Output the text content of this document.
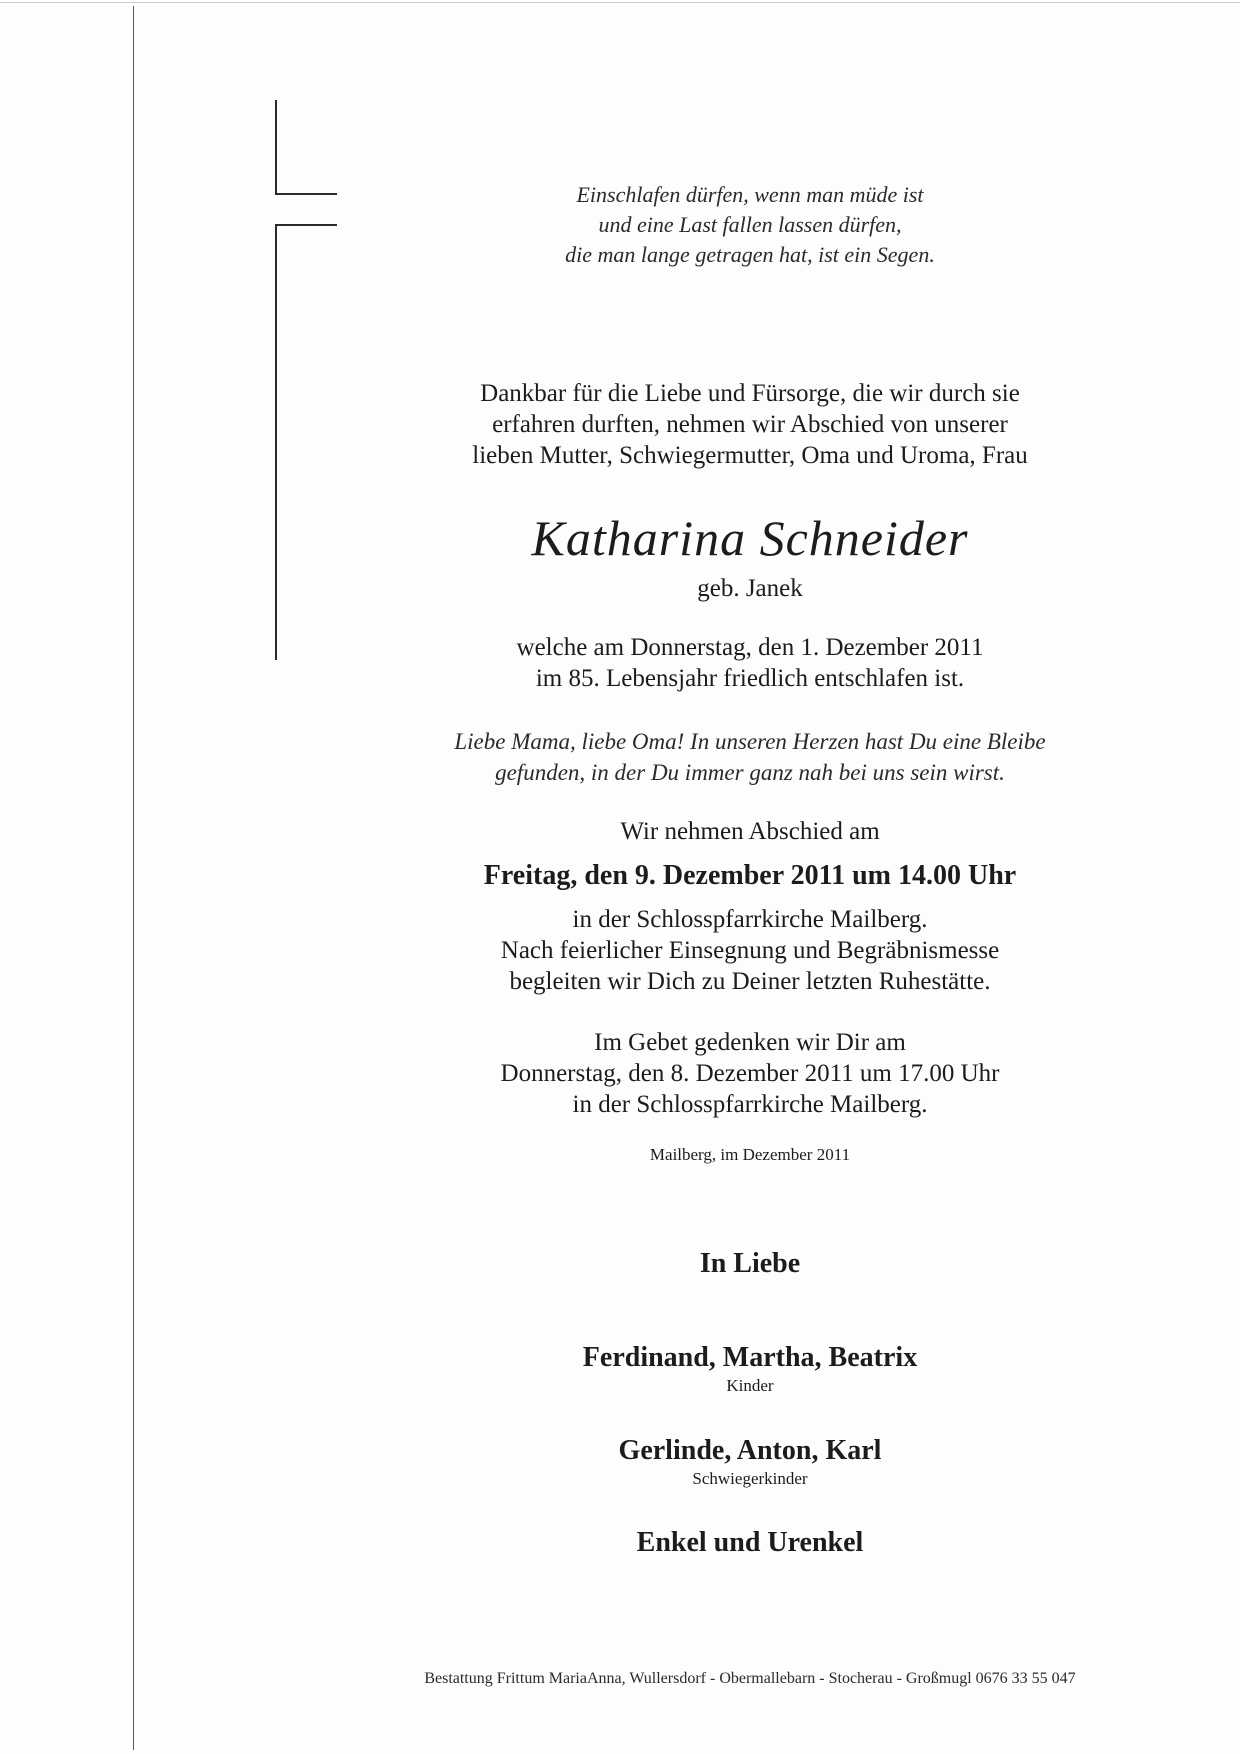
Einschlafen dürfen, wenn man müde ist
und eine Last fallen lassen dürfen,
die man lange getragen hat, ist ein Segen.
Dankbar für die Liebe und Fürsorge, die wir durch sie
erfahren durften, nehmen wir Abschied von unserer
lieben Mutter, Schwiegermutter, Oma und Uroma, Frau
Katharina Schneider
geb. Janek
welche am Donnerstag, den 1. Dezember 2011
im 85. Lebensjahr friedlich entschlafen ist.
Liebe Mama, liebe Oma! In unseren Herzen hast Du eine Bleibe
gefunden, in der Du immer ganz nah bei uns sein wirst.
Wir nehmen Abschied am
Freitag, den 9. Dezember 2011 um 14.00 Uhr
in der Schlosspfarrkirche Mailberg.
Nach feierlicher Einsegnung und Begräbnismesse
begleiten wir Dich zu Deiner letzten Ruhestätte.
Im Gebet gedenken wir Dir am
Donnerstag, den 8. Dezember 2011 um 17.00 Uhr
in der Schlosspfarrkirche Mailberg.
Mailberg, im Dezember 2011
In Liebe
Ferdinand, Martha, Beatrix
Kinder
Gerlinde, Anton, Karl
Schwiegerkinder
Enkel und Urenkel
Bestattung Frittum MariaAnna, Wullersdorf - Obermallebarn - Stocherau - Großmugl 0676 33 55 047
